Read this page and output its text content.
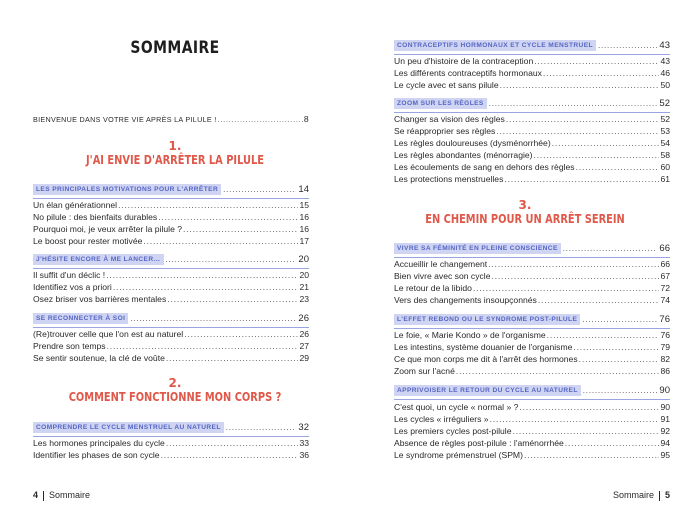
SOMMAIRE
BIENVENUE DANS VOTRE VIE APRÈS LA PILULE ! .....	8
1.
J'AI ENVIE D'ARRÊTER LA PILULE
LES PRINCIPALES MOTIVATIONS POUR L'ARRÊTER .....	14
Un élan générationnel .....	15
No pilule : des bienfaits durables .....	16
Pourquoi moi, je veux arrêter la pilule ? .....	16
Le boost pour rester motivée .....	17
J'HÉSITE ENCORE À ME LANCER… .....	20
Il suffit d'un déclic ! .....	20
Identifiez vos a priori .....	21
Osez briser vos barrières mentales .....	23
SE RECONNECTER À SOI .....	26
(Re)trouver celle que l'on est au naturel .....	26
Prendre son temps .....	27
Se sentir soutenue, la clé de voûte .....	29
2.
COMMENT FONCTIONNE MON CORPS ?
COMPRENDRE LE CYCLE MENSTRUEL AU NATUREL .....	32
Les hormones principales du cycle .....	33
Identifier les phases de son cycle .....	36
4 Sommaire
CONTRACEPTIFS HORMONAUX ET CYCLE MENSTRUEL .....	43
Un peu d'histoire de la contraception .....	43
Les différents contraceptifs hormonaux .....	46
Le cycle avec et sans pilule .....	50
ZOOM SUR LES RÈGLES .....	52
Changer sa vision des règles .....	52
Se réapproprier ses règles .....	53
Les règles douloureuses (dysménorrhée) .....	54
Les règles abondantes (ménorragie) .....	58
Les écoulements de sang en dehors des règles .....	60
Les protections menstruelles .....	61
3.
EN CHEMIN POUR UN ARRÊT SEREIN
VIVRE SA FÉMINITÉ EN PLEINE CONSCIENCE .....	66
Accueillir le changement .....	66
Bien vivre avec son cycle .....	67
Le retour de la libido .....	72
Vers des changements insoupçonnés .....	74
L'EFFET REBOND OU LE SYNDROME POST-PILULE .....	76
Le foie, « Marie Kondo » de l'organisme .....	76
Les intestins, système douanier de l'organisme .....	79
Ce que mon corps me dit à l'arrêt des hormones .....	82
Zoom sur l'acné .....	86
APPRIVOISER LE RETOUR DU CYCLE AU NATUREL .....	90
C'est quoi, un cycle « normal » ? .....	90
Les cycles « irréguliers » .....	91
Les premiers cycles post-pilule .....	92
Absence de règles post-pilule : l'aménorrhée .....	94
Le syndrome prémenstruel (SPM) .....	95
Sommaire 5
